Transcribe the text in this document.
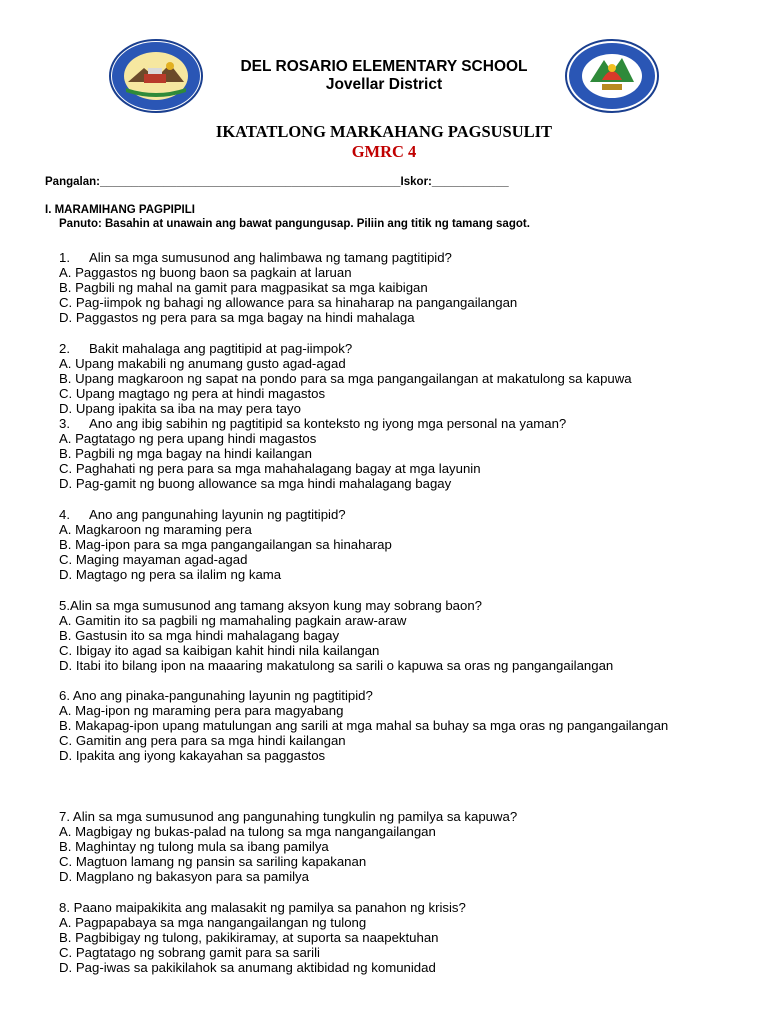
DEL ROSARIO ELEMENTARY SCHOOL
Jovellar District
IKATATLONG MARKAHANG PAGSUSULIT
GMRC 4
Pangalan:_______________________________________________Iskor:____________
I. MARAMIHANG PAGPIPILI
Panuto: Basahin at unawain ang bawat pangungusap. Piliin ang titik ng tamang sagot.
1. Alin sa mga sumusunod ang halimbawa ng tamang pagtitipid?
A. Paggastos ng buong baon sa pagkain at laruan
B. Pagbili ng mahal na gamit para magpasikat sa mga kaibigan
C. Pag-iimpok ng bahagi ng allowance para sa hinaharap na pangangailangan
D. Paggastos ng pera para sa mga bagay na hindi mahalaga
2. Bakit mahalaga ang pagtitipid at pag-iimpok?
A. Upang makabili ng anumang gusto agad-agad
B. Upang magkaroon ng sapat na pondo para sa mga pangangailangan at makatulong sa kapuwa
C. Upang magtago ng pera at hindi magastos
D. Upang ipakita sa iba na may pera tayo
3. Ano ang ibig sabihin ng pagtitipid sa konteksto ng iyong mga personal na yaman?
A. Pagtatago ng pera upang hindi magastos
B. Pagbili ng mga bagay na hindi kailangan
C. Paghahati ng pera para sa mga mahahalagang bagay at mga layunin
D. Pag-gamit ng buong allowance sa mga hindi mahalagang bagay
4. Ano ang pangunahing layunin ng pagtitipid?
A. Magkaroon ng maraming pera
B. Mag-ipon para sa mga pangangailangan sa hinaharap
C. Maging mayaman agad-agad
D. Magtago ng pera sa ilalim ng kama
5.Alin sa mga sumusunod ang tamang aksyon kung may sobrang baon?
A. Gamitin ito sa pagbili ng mamahaling pagkain araw-araw
B. Gastusin ito sa mga hindi mahalagang bagay
C. Ibigay ito agad sa kaibigan kahit hindi nila kailangan
D. Itabi ito bilang ipon na maaaring makatulong sa sarili o kapuwa sa oras ng pangangailangan
6. Ano ang pinaka-pangunahing layunin ng pagtitipid?
A. Mag-ipon ng maraming pera para magyabang
B. Makapag-ipon upang matulungan ang sarili at mga mahal sa buhay sa mga oras ng pangangailangan
C. Gamitin ang pera para sa mga hindi kailangan
D. Ipakita ang iyong kakayahan sa paggastos
7. Alin sa mga sumusunod ang pangunahing tungkulin ng pamilya sa kapuwa?
A. Magbigay ng bukas-palad na tulong sa mga nangangailangan
B. Maghintay ng tulong mula sa ibang pamilya
C. Magtuon lamang ng pansin sa sariling kapakanan
D. Magplano ng bakasyon para sa pamilya
8. Paano maipakikita ang malasakit ng pamilya sa panahon ng krisis?
A. Pagpapabaya sa mga nangangailangan ng tulong
B. Pagbibigay ng tulong, pakikiramay, at suporta sa naapektuhan
C. Pagtatago ng sobrang gamit para sa sarili
D. Pag-iwas sa pakikilahok sa anumang aktibidad ng komunidad
